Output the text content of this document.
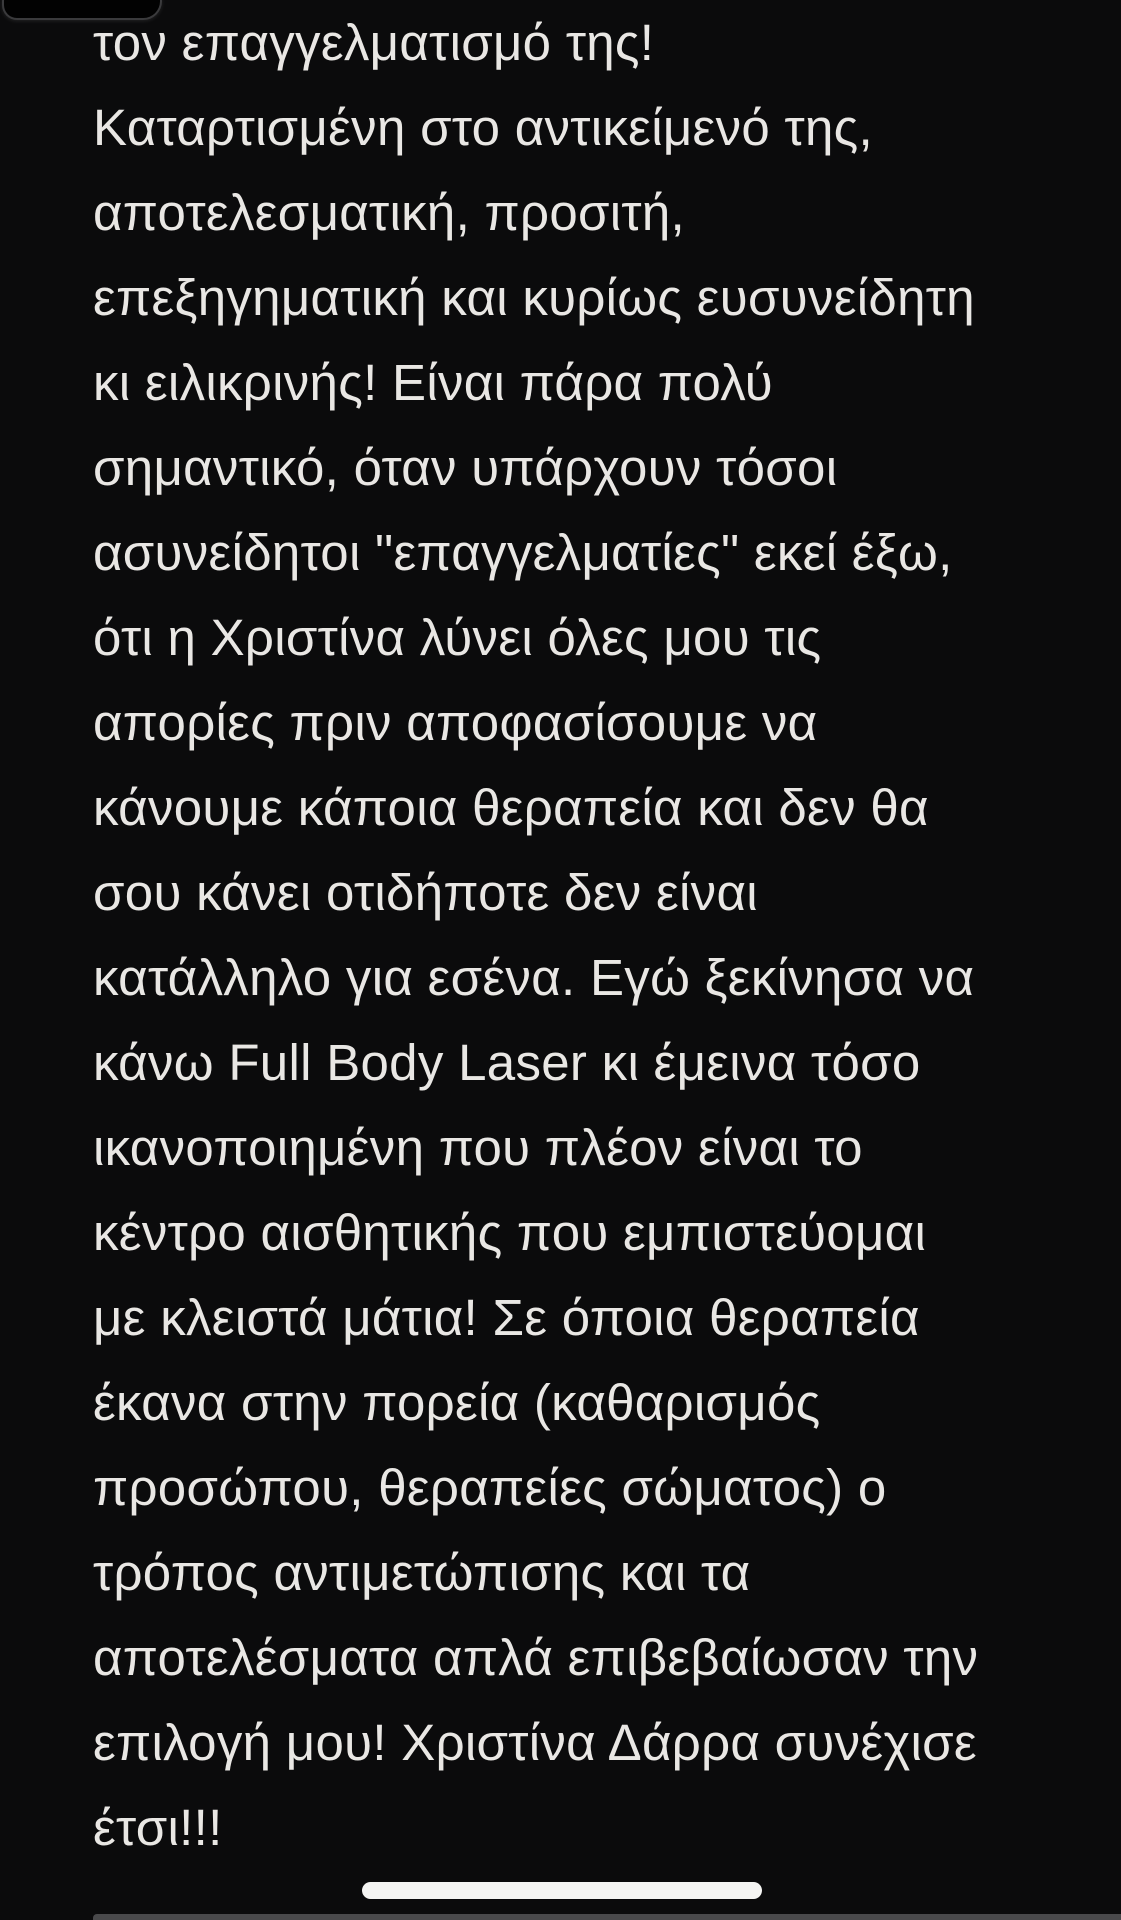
τον επαγγελματισμό της!
Καταρτισμένη στο αντικείμενό της,
αποτελεσματική, προσιτή,
επεξηγηματική και κυρίως ευσυνείδητη
κι ειλικρινής! Είναι πάρα πολύ
σημαντικό, όταν υπάρχουν τόσοι
ασυνείδητοι "επαγγελματίες" εκεί έξω,
ότι η Χριστίνα λύνει όλες μου τις
απορίες πριν αποφασίσουμε να
κάνουμε κάποια θεραπεία και δεν θα
σου κάνει οτιδήποτε δεν είναι
κατάλληλο για εσένα. Εγώ ξεκίνησα να
κάνω Full Body Laser κι έμεινα τόσο
ικανοποιημένη που πλέον είναι το
κέντρο αισθητικής που εμπιστεύομαι
με κλειστά μάτια! Σε όποια θεραπεία
έκανα στην πορεία (καθαρισμός
προσώπου, θεραπείες σώματος) ο
τρόπος αντιμετώπισης και τα
αποτελέσματα απλά επιβεβαίωσαν την
επιλογή μου! Χριστίνα Δάρρα συνέχισε
έτσι!!!
